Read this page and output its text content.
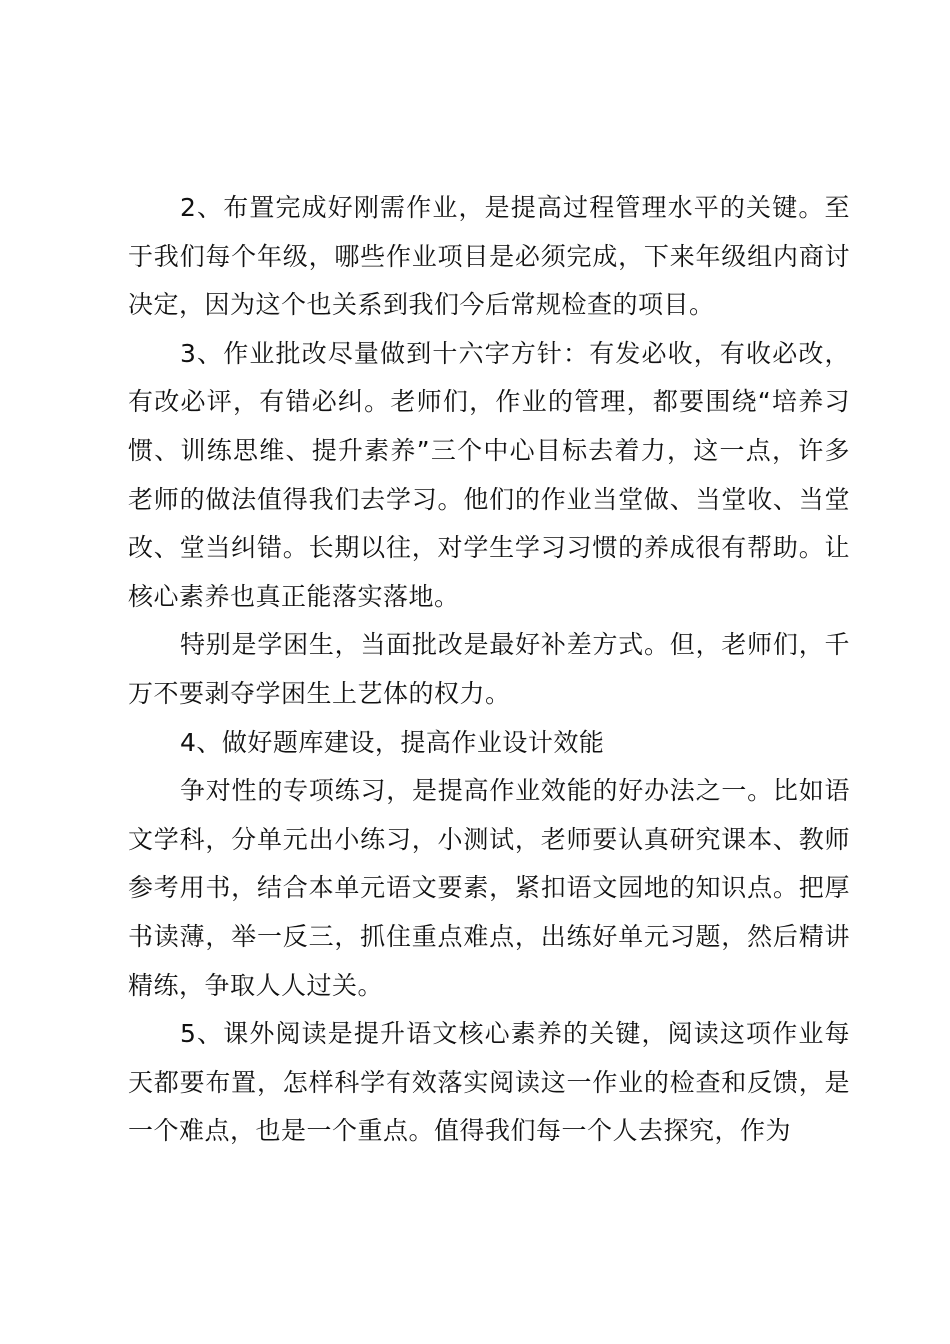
2、布置完成好刚需作业，是提高过程管理水平的关键。至于我们每个年级，哪些作业项目是必须完成，下来年级组内商讨决定，因为这个也关系到我们今后常规检查的项目。

3、作业批改尽量做到十六字方针：有发必收，有收必改，有改必评，有错必纠。老师们，作业的管理，都要围绕“培养习惯、训练思维、提升素养”三个中心目标去着力，这一点，许多老师的做法值得我们去学习。他们的作业当堂做、当堂收、当堂改、堂当纠错。长期以往，对学生学习习惯的养成很有帮助。让核心素养也真正能落实落地。

特别是学困生，当面批改是最好补差方式。但，老师们，千万不要剥夺学困生上艺体的权力。

4、做好题库建设，提高作业设计效能

争对性的专项练习，是提高作业效能的好办法之一。比如语文学科，分单元出小练习，小测试，老师要认真研究课本、教师参考用书，结合本单元语文要素，紧扣语文园地的知识点。把厚书读薄，举一反三，抓住重点难点，出练好单元习题，然后精讲精练，争取人人过关。

5、课外阅读是提升语文核心素养的关键，阅读这项作业每天都要布置，怎样科学有效落实阅读这一作业的检查和反馈，是一个难点，也是一个重点。值得我们每一个人去探究，作为
